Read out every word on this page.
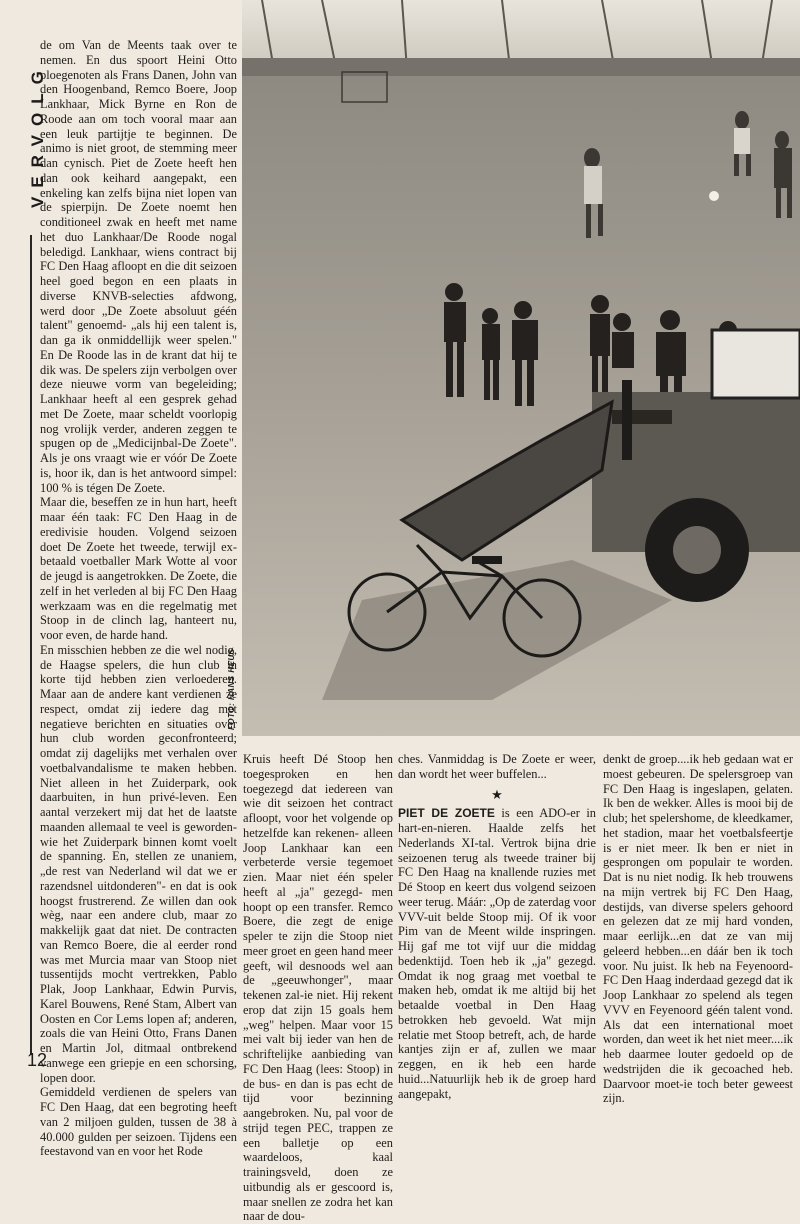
VERVOLG

de om Van de Meents taak over te nemen. En dus spoort Heini Otto ploegenoten als Frans Danen, John van den Hoogenband, Remco Boere, Joop Lankhaar, Mick Byrne en Ron de Roode aan om toch vooral maar aan een leuk partijtje te beginnen. De animo is niet groot, de stemming meer dan cynisch. Piet de Zoete heeft hen dan ook keihard aangepakt, een enkeling kan zelfs bijna niet lopen van de spierpijn. De Zoete noemt hen conditioneel zwak en heeft met name het duo Lankhaar/De Roode nogal beledigd. Lankhaar, wiens contract bij FC Den Haag afloopt en die dit seizoen heel goed begon en een plaats in diverse KNVB-selecties afdwong, werd door „De Zoete absoluut géén talent" genoemd- „als hij een talent is, dan ga ik onmiddellijk weer spelen." En De Roode las in de krant dat hij te dik was. De spelers zijn verbolgen over deze nieuwe vorm van begeleiding; Lankhaar heeft al een gesprek gehad met De Zoete, maar scheldt voorlopig nog vrolijk verder, anderen zeggen te spugen op de „Medicijnbal-De Zoete". Als je ons vraagt wie er vóór De Zoete is, hoor ik, dan is het antwoord simpel: 100 % is tégen De Zoete.

Maar die, beseffen ze in hun hart, heeft maar één taak: FC Den Haag in de eredivisie houden. Volgend seizoen doet De Zoete het tweede, terwijl ex- betaald voetballer Mark Wotte al voor de jeugd is aangetrokken. De Zoete, die zelf in het verleden al bij FC Den Haag werkzaam was en die regelmatig met Stoop in de clinch lag, hanteert nu, voor even, de harde hand.

En misschien hebben ze die wel nodig, de Haagse spelers, die hun club in korte tijd hebben zien verloederen. Maar aan de andere kant verdienen ze respect, omdat zij iedere dag met negatieve berichten en situaties over hun club worden geconfronteerd; omdat zij dagelijks met verhalen over voetbalvandalisme te maken hebben. Niet alleen in het Zuiderpark, ook daarbuiten, in hun privé-leven. Een aantal verzekert mij dat het de laatste maanden allemaal te veel is geworden- wie het Zuiderpark binnen komt voelt de spanning. En, stellen ze unaniem, „de rest van Nederland wil dat we er razendsnel uitdonderen"- en dat is ook hoogst frustrerend. Ze willen dan ook wèg, naar een andere club, maar zo makkelijk gaat dat niet. De contracten van Remco Boere, die al eerder rond was met Murcia maar van Stoop niet tussentijds mocht vertrekken, Pablo Plak, Joop Lankhaar, Edwin Purvis, Karel Bouwens, René Stam, Albert van Oosten en Cor Lems lopen af; anderen, zoals die van Heini Otto, Frans Danen en Martin Jol, ditmaal ontbrekend vanwege een griepje en een schorsing, lopen door.

Gemiddeld verdienen de spelers van FC Den Haag, dat een begroting heeft van 2 miljoen gulden, tussen de 38 à 40.000 gulden per seizoen. Tijdens een feestavond van en voor het Rode

FOTO: HANS HEUS

Kruis heeft Dé Stoop hen toegesproken en hen toegezegd dat iedereen van wie dit seizoen het contract afloopt, voor het volgende op hetzelfde kan rekenen- alleen Joop Lankhaar kan een verbeterde versie tegemoet zien. Maar niet één speler heeft al „ja" gezegd- men hoopt op een transfer. Remco Boere, die zegt de enige speler te zijn die Stoop niet meer groet en geen hand meer geeft, wil desnoods wel aan de „geeuwhonger", maar tekenen zal-ie niet. Hij rekent erop dat zijn 15 goals hem „weg" helpen. Maar voor 15 mei valt bij ieder van hen de schriftelijke aanbieding van FC Den Haag (lees: Stoop) in de bus- en dan is pas echt de tijd voor bezinning aangebroken. Nu, pal voor de strijd tegen PEC, trappen ze een balletje op een waardeloos, kaal trainingsveld, doen ze uitbundig als er gescoord is, maar snellen ze zodra het kan naar de dou-

ches. Vanmiddag is De Zoete er weer, dan wordt het weer buffelen...

★

PIET DE ZOETE is een ADO-er in hart-en-nieren. Haalde zelfs het Nederlands XI-tal. Vertrok bijna drie seizoenen terug als tweede trainer bij FC Den Haag na knallende ruzies met Dé Stoop en keert dus volgend seizoen weer terug. Máár: „Op de zaterdag voor VVV-uit belde Stoop mij. Of ik voor Pim van de Meent wilde inspringen. Hij gaf me tot vijf uur die middag bedenktijd. Toen heb ik „ja" gezegd. Omdat ik nog graag met voetbal te maken heb, omdat ik me altijd bij het betaalde voetbal in Den Haag betrokken heb gevoeld. Wat mijn relatie met Stoop betreft, ach, de harde kantjes zijn er af, zullen we maar zeggen, en ik heb een harde huid...Natuurlijk heb ik de groep hard aangepakt,

denkt de groep....ik heb gedaan wat er moest gebeuren. De spelersgroep van FC Den Haag is ingeslapen, gelaten. Ik ben de wekker. Alles is mooi bij de club; het spelershome, de kleedkamer, het stadion, maar het voetbalsfeertje is er niet meer. Ik ben er niet in gesprongen om populair te worden. Dat is nu niet nodig. Ik heb trouwens na mijn vertrek bij FC Den Haag, destijds, van diverse spelers gehoord en gelezen dat ze mij hard vonden, maar eerlijk...en dat ze van mij geleerd hebben...en dáár ben ik toch voor. Nu juist. Ik heb na Feyenoord-FC Den Haag inderdaad gezegd dat ik Joop Lankhaar zo spelend als tegen VVV en Feyenoord géén talent vond. Als dat een international moet worden, dan weet ik het niet meer....ik heb daarmee louter gedoeld op de wedstrijden die ik gecoached heb. Daarvoor moet-ie toch beter geweest zijn.

12
